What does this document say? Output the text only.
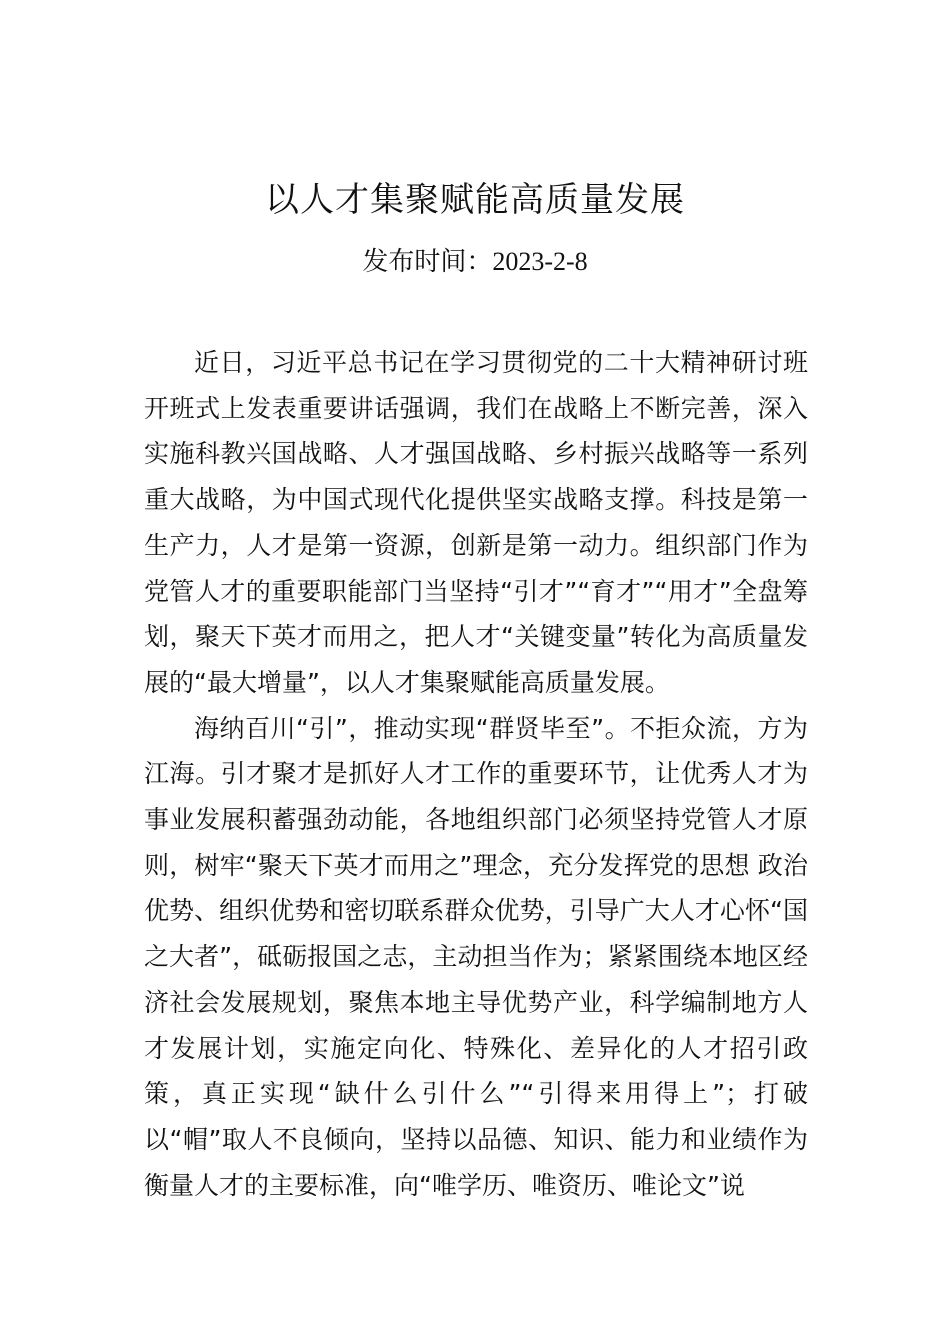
以人才集聚赋能高质量发展
发布时间：2023-2-8

近日，习近平总书记在学习贯彻党的二十大精神研讨班开班式上发表重要讲话强调，我们在战略上不断完善，深入实施科教兴国战略、人才强国战略、乡村振兴战略等一系列重大战略，为中国式现代化提供坚实战略支撑。科技是第一生产力，人才是第一资源，创新是第一动力。组织部门作为党管人才的重要职能部门当坚持“引才”“育才”“用才”全盘筹划，聚天下英才而用之，把人才“关键变量”转化为高质量发展的“最大增量”，以人才集聚赋能高质量发展。

海纳百川“引”，推动实现“群贤毕至”。不拒众流，方为江海。引才聚才是抓好人才工作的重要环节，让优秀人才为事业发展积蓄强劲动能，各地组织部门必须坚持党管人才原则，树牢“聚天下英才而用之”理念，充分发挥党的思想 政治优势、组织优势和密切联系群众优势，引导广大人才心怀“国之大者”，砥砺报国之志，主动担当作为；紧紧围绕本地区经济社会发展规划，聚焦本地主导优势产业，科学编制地方人才发展计划，实施定向化、特殊化、差异化的人才招引政策，真正实现“缺什么引什么”“引得来用得上”；打破以“帽”取人不良倾向，坚持以品德、知识、能力和业绩作为衡量人才的主要标准，向“唯学历、唯资历、唯论文”说
